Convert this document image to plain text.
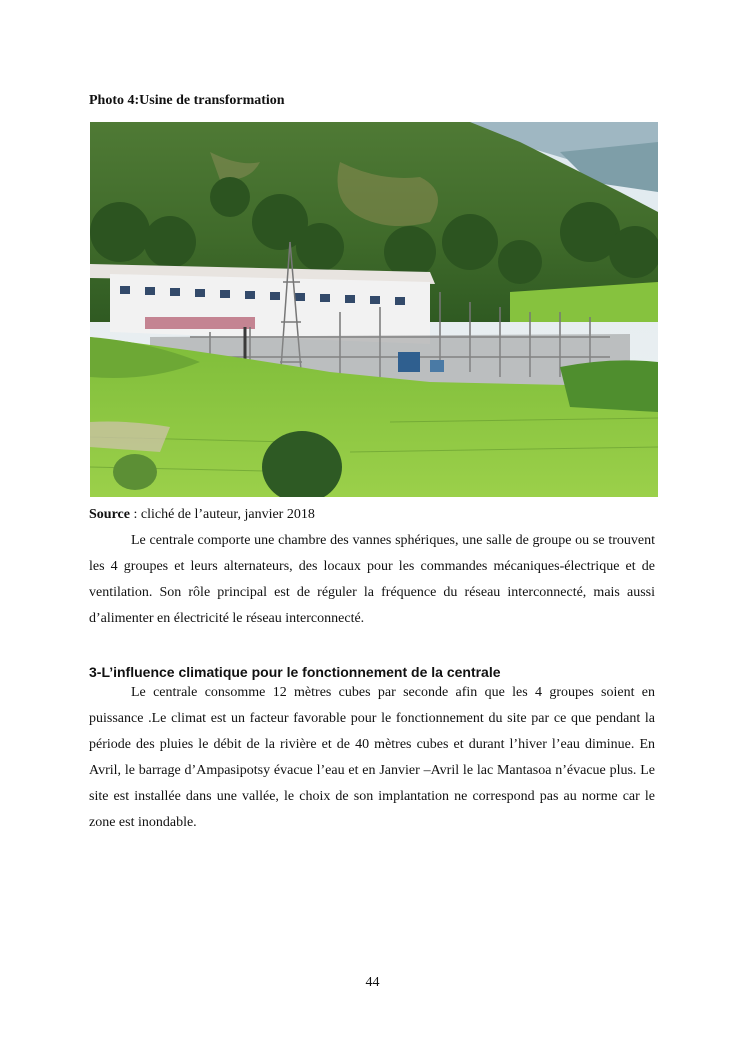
Photo 4:Usine de transformation

Source : cliché de l’auteur, janvier 2018

Le centrale comporte une chambre des vannes sphériques, une salle de groupe ou se trouvent les 4 groupes et leurs alternateurs, des locaux pour les commandes mécaniques-électrique et de ventilation. Son rôle principal est de réguler la fréquence du réseau interconnecté, mais aussi d’alimenter en électricité le réseau interconnecté.

3-L’influence climatique pour le fonctionnement de la centrale

Le centrale consomme 12 mètres cubes par seconde afin que les 4 groupes soient en puissance .Le climat est un facteur favorable pour le fonctionnement du site par ce que pendant la période des pluies le débit de la rivière et de 40 mètres cubes et durant l’hiver l’eau diminue. En Avril, le barrage d’Ampasipotsy évacue l’eau et en Janvier –Avril le lac Mantasoa n’évacue plus. Le site est installée dans une vallée, le choix de son implantation ne correspond pas au norme car le zone est inondable.

44
